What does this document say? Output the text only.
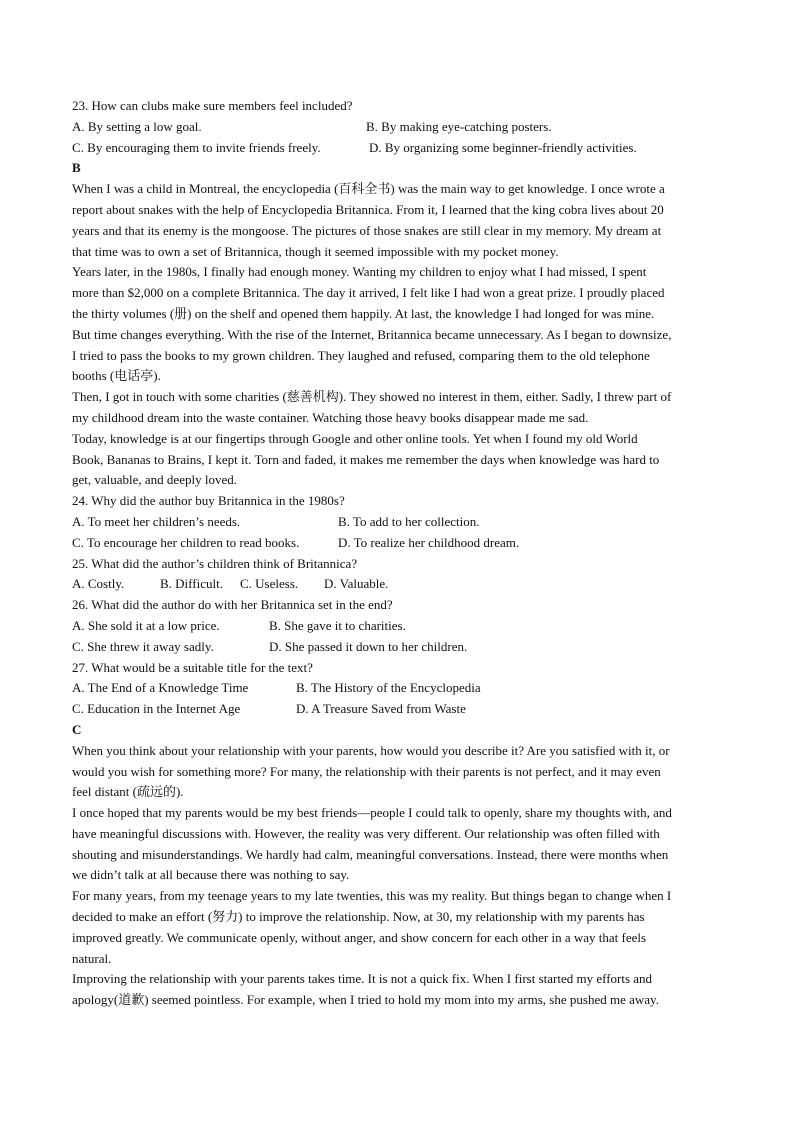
23. How can clubs make sure members feel included?
A. By setting a low goal.	B. By making eye-catching posters.
C. By encouraging them to invite friends freely.	D. By organizing some beginner-friendly activities.
B
When I was a child in Montreal, the encyclopedia (百科全书) was the main way to get knowledge. I once wrote a
report about snakes with the help of Encyclopedia Britannica. From it, I learned that the king cobra lives about 20
years and that its enemy is the mongoose. The pictures of those snakes are still clear in my memory. My dream at
that time was to own a set of Britannica, though it seemed impossible with my pocket money.
Years later, in the 1980s, I finally had enough money. Wanting my children to enjoy what I had missed, I spent
more than $2,000 on a complete Britannica. The day it arrived, I felt like I had won a great prize. I proudly placed
the thirty volumes (册) on the shelf and opened them happily. At last, the knowledge I had longed for was mine.
But time changes everything. With the rise of the Internet, Britannica became unnecessary. As I began to downsize,
I tried to pass the books to my grown children. They laughed and refused, comparing them to the old telephone
booths (电话亭).
Then, I got in touch with some charities (慈善机构). They showed no interest in them, either. Sadly, I threw part of
my childhood dream into the waste container. Watching those heavy books disappear made me sad.
Today, knowledge is at our fingertips through Google and other online tools. Yet when I found my old World
Book, Bananas to Brains, I kept it. Torn and faded, it makes me remember the days when knowledge was hard to
get, valuable, and deeply loved.
24. Why did the author buy Britannica in the 1980s?
A. To meet her children’s needs.	B. To add to her collection.
C. To encourage her children to read books.	D. To realize her childhood dream.
25. What did the author’s children think of Britannica?
A. Costly.	B. Difficult. C. Useless. D. Valuable.
26. What did the author do with her Britannica set in the end?
A. She sold it at a low price.	B. She gave it to charities.
C. She threw it away sadly.	D. She passed it down to her children.
27. What would be a suitable title for the text?
A. The End of a Knowledge Time	B. The History of the Encyclopedia
C. Education in the Internet Age	D. A Treasure Saved from Waste
C
When you think about your relationship with your parents, how would you describe it? Are you satisfied with it, or
would you wish for something more? For many, the relationship with their parents is not perfect, and it may even
feel distant (疏远的).
I once hoped that my parents would be my best friends—people I could talk to openly, share my thoughts with, and
have meaningful discussions with. However, the reality was very different. Our relationship was often filled with
shouting and misunderstandings. We hardly had calm, meaningful conversations. Instead, there were months when
we didn’t talk at all because there was nothing to say.
For many years, from my teenage years to my late twenties, this was my reality. But things began to change when I
decided to make an effort (努力) to improve the relationship. Now, at 30, my relationship with my parents has
improved greatly. We communicate openly, without anger, and show concern for each other in a way that feels
natural.
Improving the relationship with your parents takes time. It is not a quick fix. When I first started my efforts and
apology(道歉) seemed pointless. For example, when I tried to hold my mom into my arms, she pushed me away.
